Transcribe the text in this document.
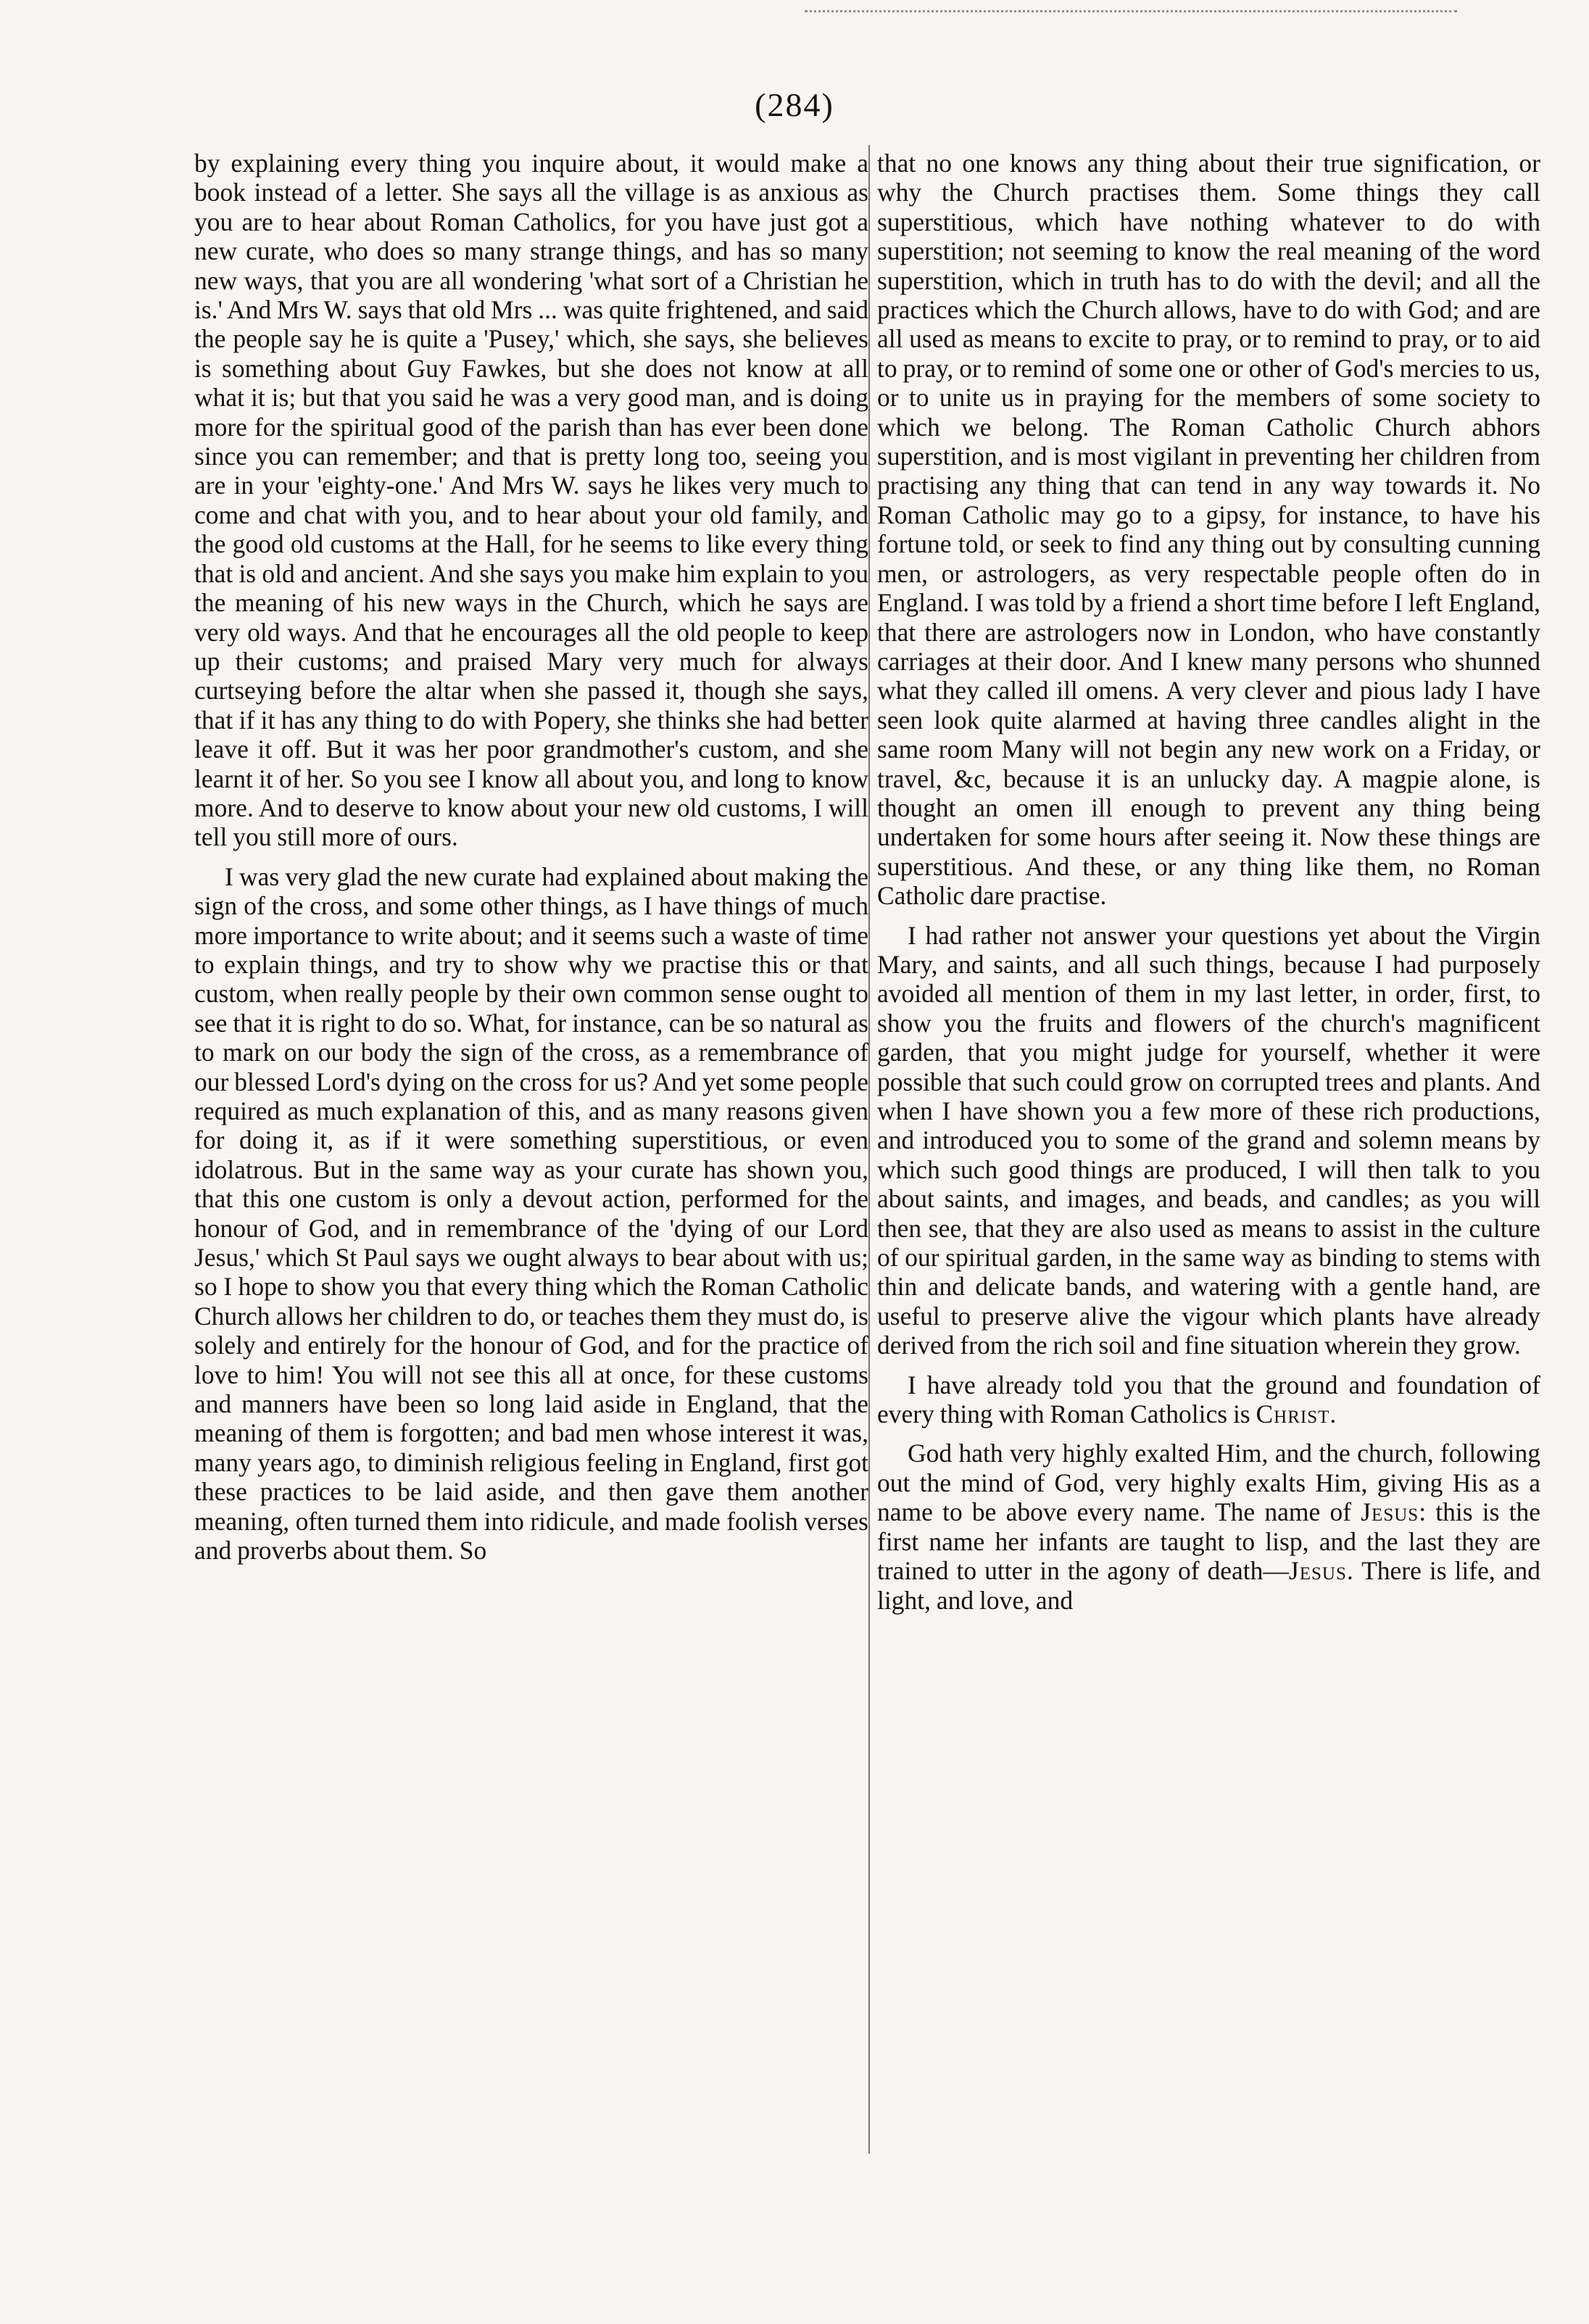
(284)

by explaining every thing you inquire about, it would make a book instead of a letter. She says all the village is as anxious as you are to hear about Roman Catholics, for you have just got a new curate, who does so many strange things, and has so many new ways, that you are all wondering 'what sort of a Christian he is.' And Mrs W. says that old Mrs ... was quite frightened, and said the people say he is quite a 'Pusey,' which, she says, she believes is something about Guy Fawkes, but she does not know at all what it is; but that you said he was a very good man, and is doing more for the spiritual good of the parish than has ever been done since you can remember; and that is pretty long too, seeing you are in your 'eighty-one.' And Mrs W. says he likes very much to come and chat with you, and to hear about your old family, and the good old customs at the Hall, for he seems to like every thing that is old and ancient. And she says you make him explain to you the meaning of his new ways in the Church, which he says are very old ways. And that he encourages all the old people to keep up their customs; and praised Mary very much for always curtseying before the altar when she passed it, though she says, that if it has any thing to do with Popery, she thinks she had better leave it off. But it was her poor grandmother's custom, and she learnt it of her. So you see I know all about you, and long to know more. And to deserve to know about your new old customs, I will tell you still more of ours.

I was very glad the new curate had explained about making the sign of the cross, and some other things, as I have things of much more importance to write about; and it seems such a waste of time to explain things, and try to show why we practise this or that custom, when really people by their own common sense ought to see that it is right to do so. What, for instance, can be so natural as to mark on our body the sign of the cross, as a remembrance of our blessed Lord's dying on the cross for us? And yet some people required as much explanation of this, and as many reasons given for doing it, as if it were something superstitious, or even idolatrous. But in the same way as your curate has shown you, that this one custom is only a devout action, performed for the honour of God, and in remembrance of the 'dying of our Lord Jesus,' which St Paul says we ought always to bear about with us; so I hope to show you that every thing which the Roman Catholic Church allows her children to do, or teaches them they must do, is solely and entirely for the honour of God, and for the practice of love to him! You will not see this all at once, for these customs and manners have been so long laid aside in England, that the meaning of them is forgotten; and bad men whose interest it was, many years ago, to diminish religious feeling in England, first got these practices to be laid aside, and then gave them another meaning, often turned them into ridicule, and made foolish verses and proverbs about them. So

that no one knows any thing about their true signification, or why the Church practises them. Some things they call superstitious, which have nothing whatever to do with superstition; not seeming to know the real meaning of the word superstition, which in truth has to do with the devil; and all the practices which the Church allows, have to do with God; and are all used as means to excite to pray, or to remind to pray, or to aid to pray, or to remind of some one or other of God's mercies to us, or to unite us in praying for the members of some society to which we belong. The Roman Catholic Church abhors superstition, and is most vigilant in preventing her children from practising any thing that can tend in any way towards it. No Roman Catholic may go to a gipsy, for instance, to have his fortune told, or seek to find any thing out by consulting cunning men, or astrologers, as very respectable people often do in England. I was told by a friend a short time before I left England, that there are astrologers now in London, who have constantly carriages at their door. And I knew many persons who shunned what they called ill omens. A very clever and pious lady I have seen look quite alarmed at having three candles alight in the same room Many will not begin any new work on a Friday, or travel, &c, because it is an unlucky day. A magpie alone, is thought an omen ill enough to prevent any thing being undertaken for some hours after seeing it. Now these things are superstitious. And these, or any thing like them, no Roman Catholic dare practise.

I had rather not answer your questions yet about the Virgin Mary, and saints, and all such things, because I had purposely avoided all mention of them in my last letter, in order, first, to show you the fruits and flowers of the church's magnificent garden, that you might judge for yourself, whether it were possible that such could grow on corrupted trees and plants. And when I have shown you a few more of these rich productions, and introduced you to some of the grand and solemn means by which such good things are produced, I will then talk to you about saints, and images, and beads, and candles; as you will then see, that they are also used as means to assist in the culture of our spiritual garden, in the same way as binding to stems with thin and delicate bands, and watering with a gentle hand, are useful to preserve alive the vigour which plants have already derived from the rich soil and fine situation wherein they grow.

I have already told you that the ground and foundation of every thing with Roman Catholics is Christ.

God hath very highly exalted Him, and the church, following out the mind of God, very highly exalts Him, giving His as a name to be above every name. The name of Jesus: this is the first name her infants are taught to lisp, and the last they are trained to utter in the agony of death—Jesus. There is life, and light, and love, and
